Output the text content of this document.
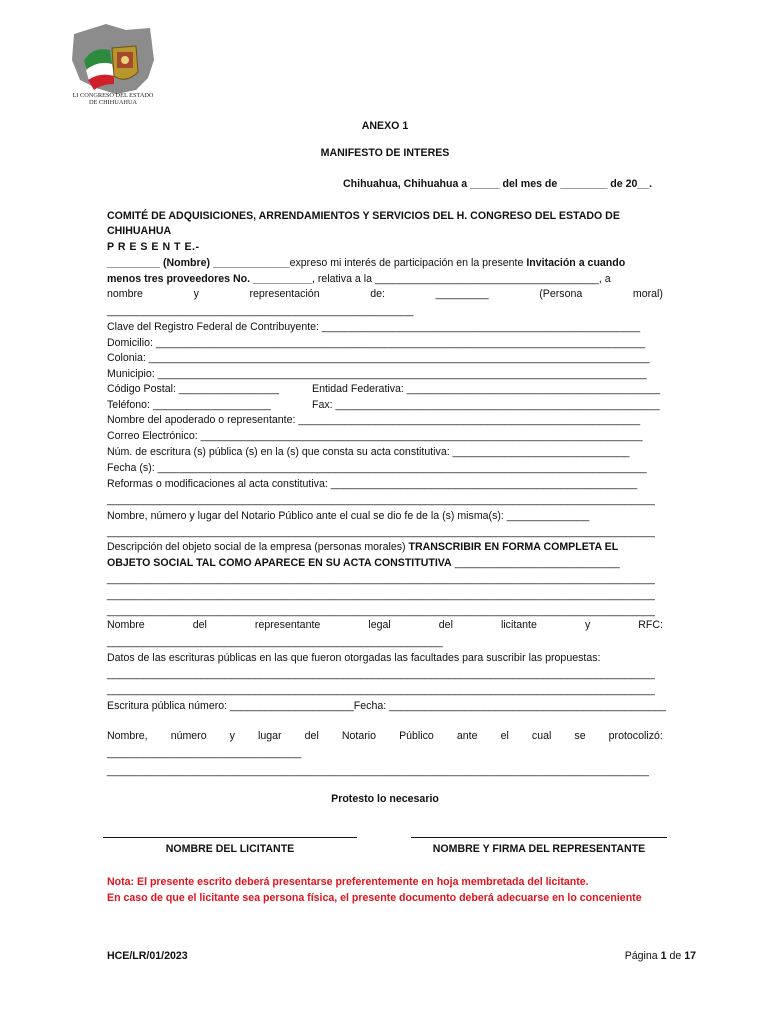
LI CONGRESO DEL ESTADO
DE CHIHUAHUA
ANEXO 1
MANIFESTO DE INTERES
Chihuahua, Chihuahua a _____ del mes de ________ de 20__.
COMITÉ DE ADQUISICIONES, ARRENDAMIENTOS Y SERVICIOS DEL H. CONGRESO DEL ESTADO DE
CHIHUAHUA
P R E S E N T E.-
_________ (Nombre) _____________expreso mi interés de participación en la presente Invitación a cuando
menos tres proveedores No. __________, relativa a la ______________________________________, a
nombre	y	representación	de:	_________	(Persona	moral)
____________________________________________________
Clave del Registro Federal de Contribuyente: ______________________________________________________
Domicilio: ___________________________________________________________________________________
Colonia: _____________________________________________________________________________________
Municipio: ___________________________________________________________________________________
Código Postal: _________________	Entidad Federativa: ___________________________________________
Teléfono: ____________________	Fax: _______________________________________________________
Nombre del apoderado o representante: __________________________________________________________
Correo Electrónico: ___________________________________________________________________________
Núm. de escritura (s) pública (s) en la (s) que consta su acta constitutiva: ______________________________
Fecha (s): ___________________________________________________________________________________
Reformas o modificaciones al acta constitutiva: ____________________________________________________
_____________________________________________________________________________________________
Nombre, número y lugar del Notario Público ante el cual se dio fe de la (s) misma(s): ______________
_____________________________________________________________________________________________
Descripción del objeto social de la empresa (personas morales) TRANSCRIBIR EN FORMA COMPLETA EL
OBJETO SOCIAL TAL COMO APARECE EN SU ACTA CONSTITUTIVA ____________________________
_____________________________________________________________________________________________
_____________________________________________________________________________________________
_____________________________________________________________________________________________
Nombre	del	representante	legal	del	licitante	y	RFC:
_________________________________________________________
Datos de las escrituras públicas en las que fueron otorgadas las facultades para suscribir las propuestas:
_____________________________________________________________________________________________
_____________________________________________________________________________________________
Escritura pública número: _____________________Fecha: _______________________________________________
Nombre, número y lugar del Notario Público ante el cual se protocolizó:
_________________________________
____________________________________________________________________________________________
Protesto lo necesario
NOMBRE DEL LICITANTE	NOMBRE Y FIRMA DEL REPRESENTANTE
Nota: El presente escrito deberá presentarse preferentemente en hoja membretada del licitante.
En caso de que el licitante sea persona física, el presente documento deberá adecuarse en lo conceniente
HCE/LR/01/2023	Página 1 de 17
